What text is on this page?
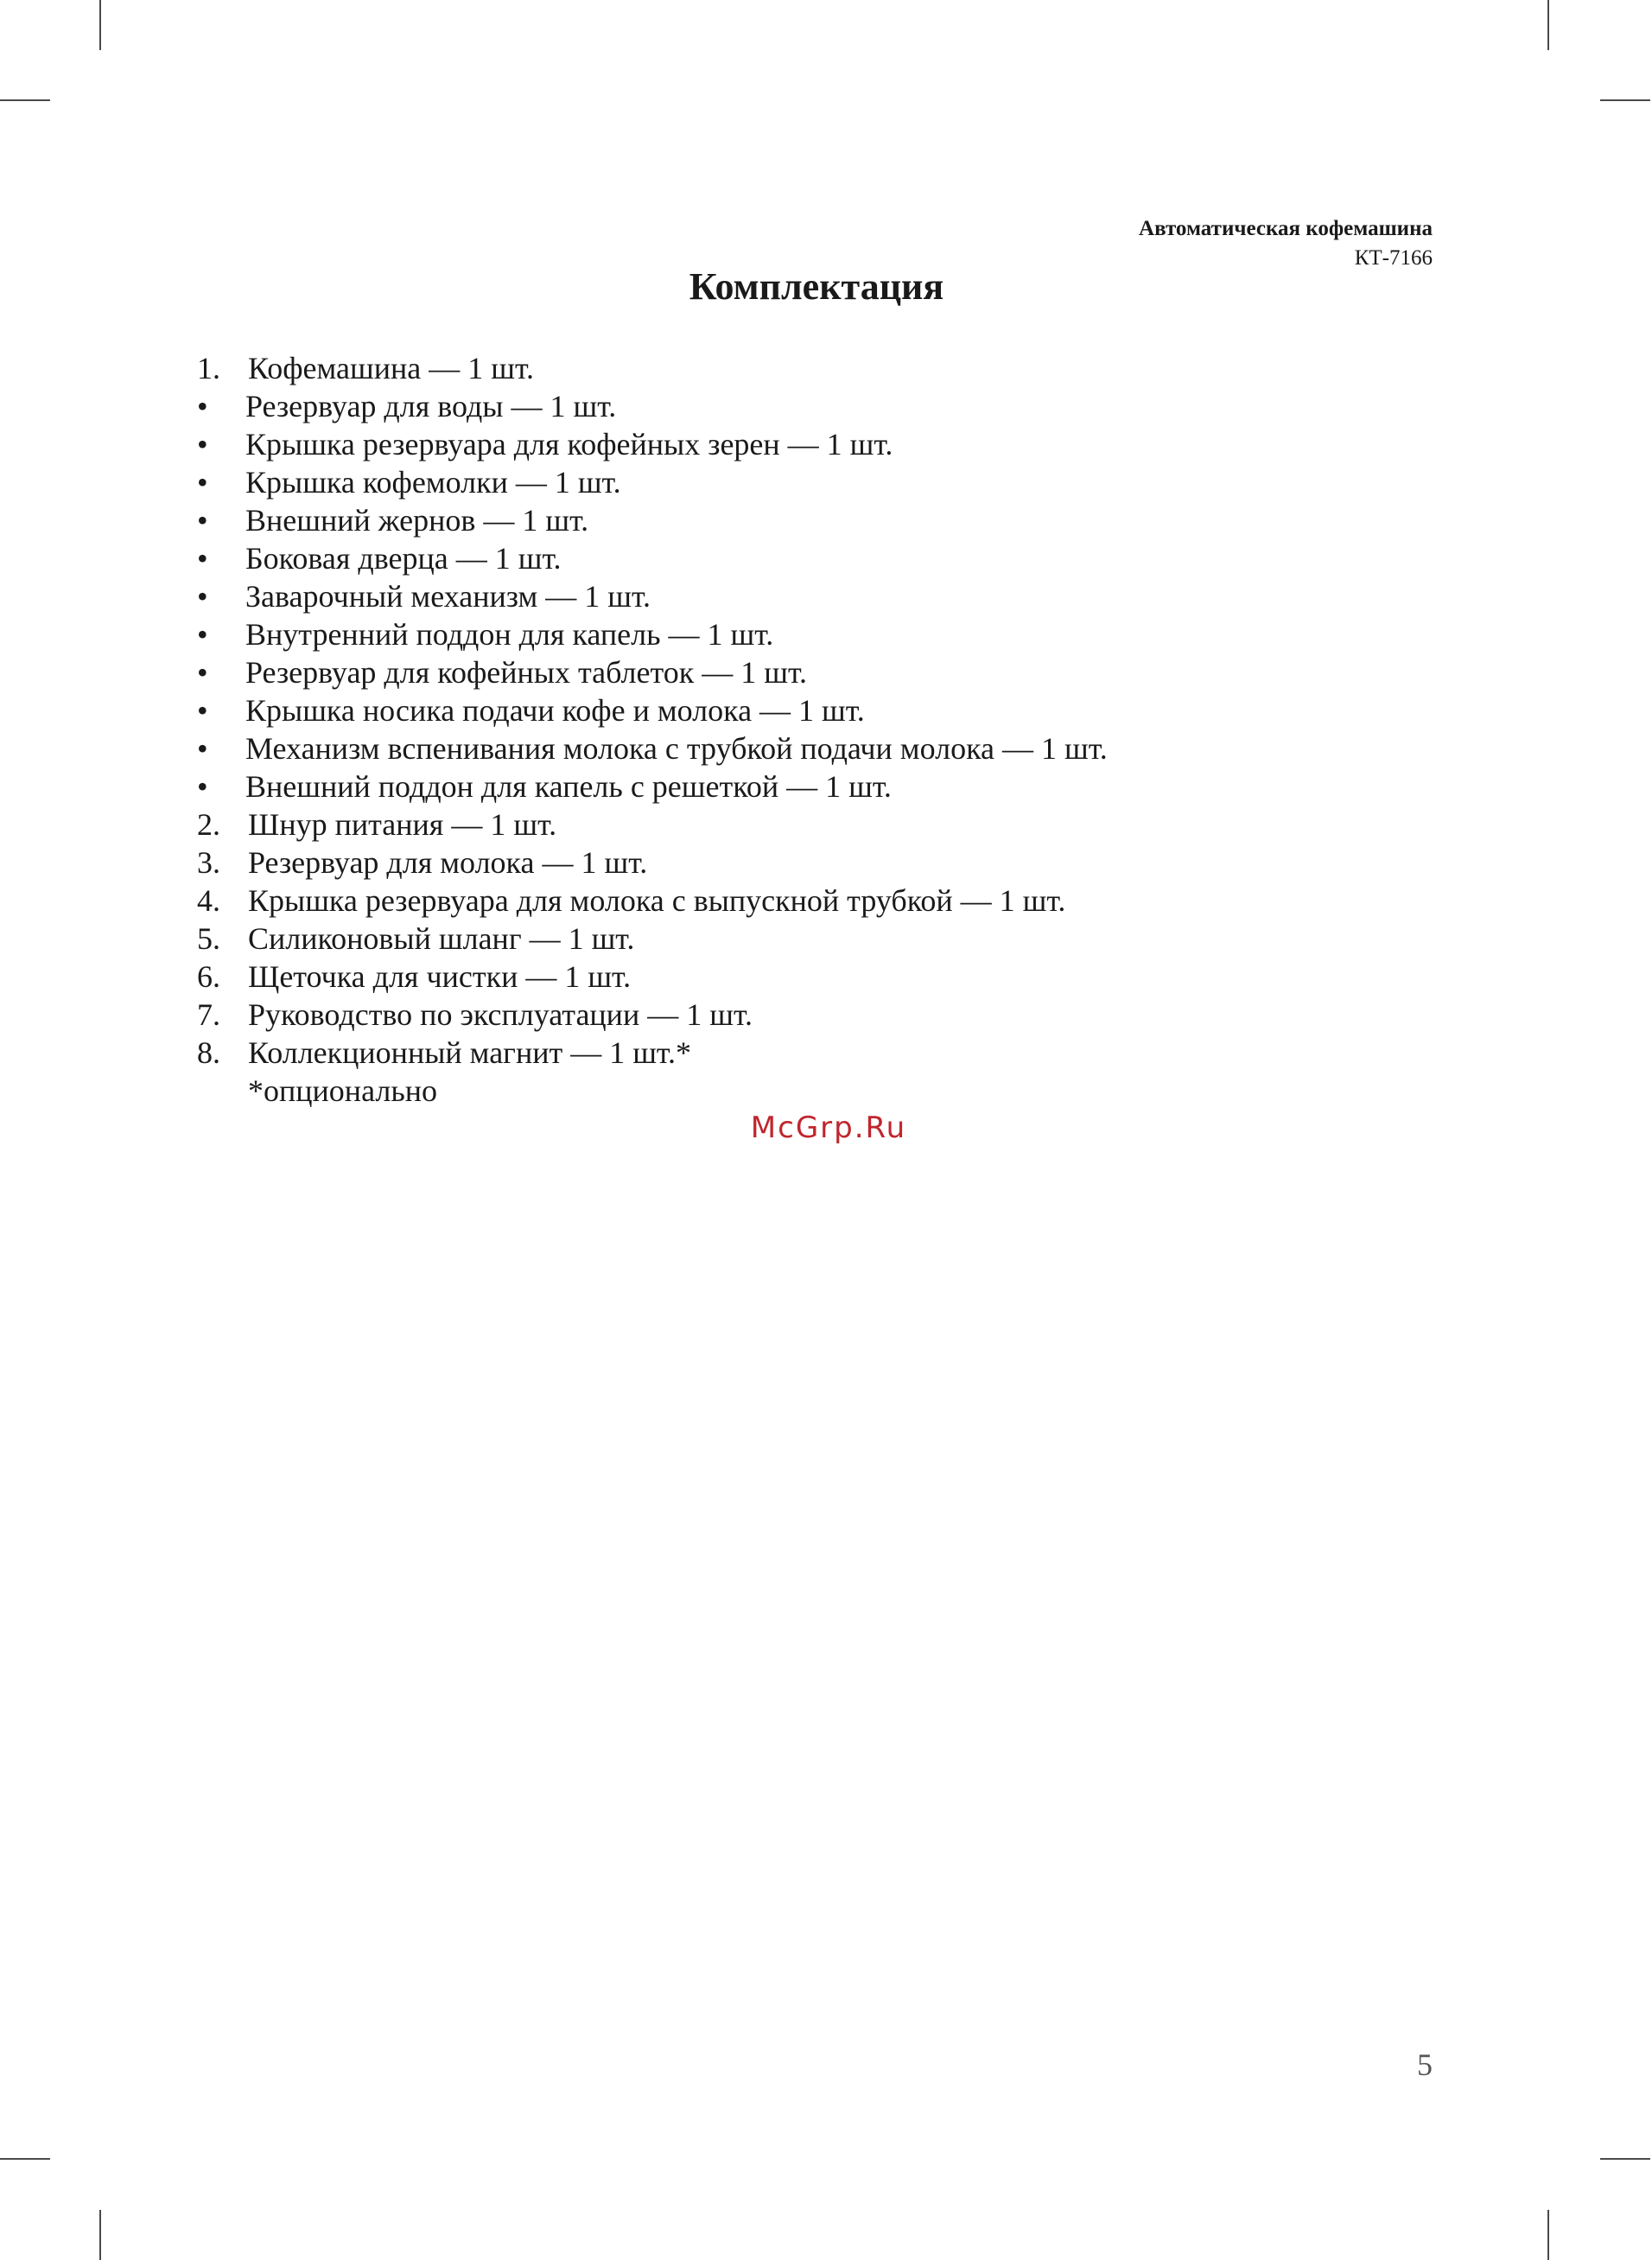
Автоматическая кофемашина
КТ-7166
Комплектация
1. Кофемашина — 1 шт.
• Резервуар для воды — 1 шт.
• Крышка резервуара для кофейных зерен — 1 шт.
• Крышка кофемолки — 1 шт.
• Внешний жернов — 1 шт.
• Боковая дверца — 1 шт.
• Заварочный механизм — 1 шт.
• Внутренний поддон для капель — 1 шт.
• Резервуар для кофейных таблеток — 1 шт.
• Крышка носика подачи кофе и молока — 1 шт.
• Механизм вспенивания молока с трубкой подачи молока — 1 шт.
• Внешний поддон для капель с решеткой — 1 шт.
2. Шнур питания — 1 шт.
3. Резервуар для молока — 1 шт.
4. Крышка резервуара для молока с выпускной трубкой — 1 шт.
5. Силиконовый шланг — 1 шт.
6. Щеточка для чистки — 1 шт.
7. Руководство по эксплуатации — 1 шт.
8. Коллекционный магнит — 1 шт.*
*опционально
McGrp.Ru
5
